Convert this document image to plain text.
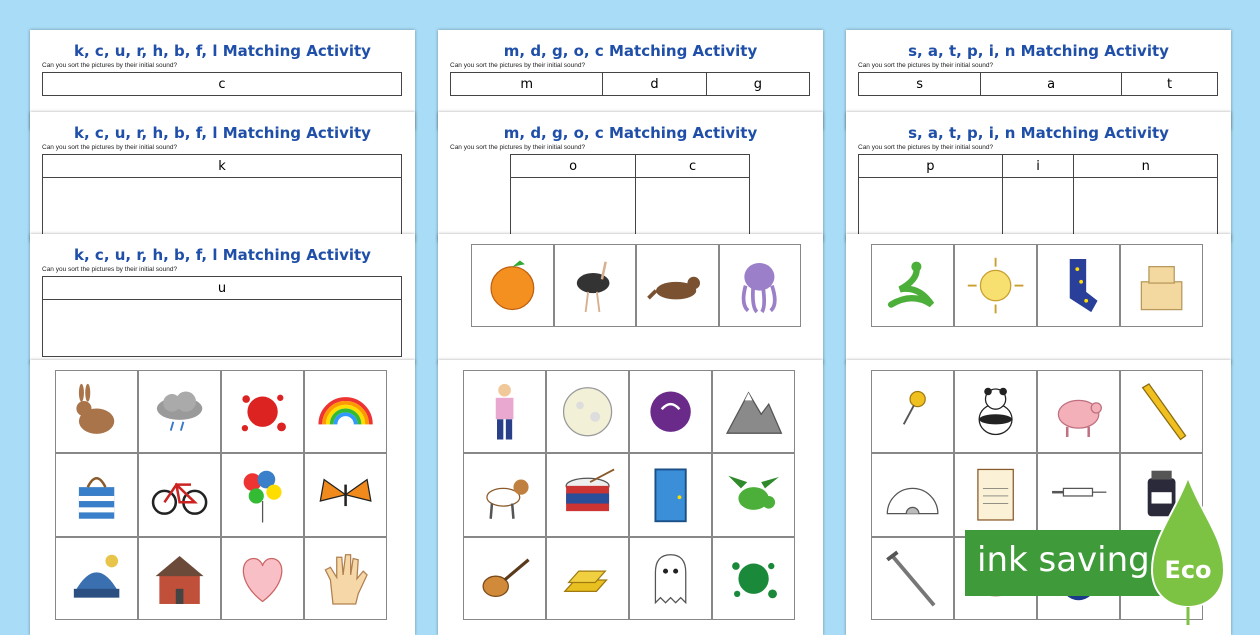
k, c, u, r, h, b, f, l Matching Activity
Can you sort the pictures by their initial sound?
c
k, c, u, r, h, b, f, l Matching Activity
Can you sort the pictures by their initial sound?
k

k, c, u, r, h, b, f, l Matching Activity
Can you sort the pictures by their initial sound?
u

m, d, g, o, c Matching Activity
Can you sort the pictures by their initial sound?
m	d	g
m, d, g, o, c Matching Activity
Can you sort the pictures by their initial sound?
o	c

s, a, t, p, i, n Matching Activity
Can you sort the pictures by their initial sound?
s	a	t
s, a, t, p, i, n Matching Activity
Can you sort the pictures by their initial sound?
p	i	n

ink saving Eco
